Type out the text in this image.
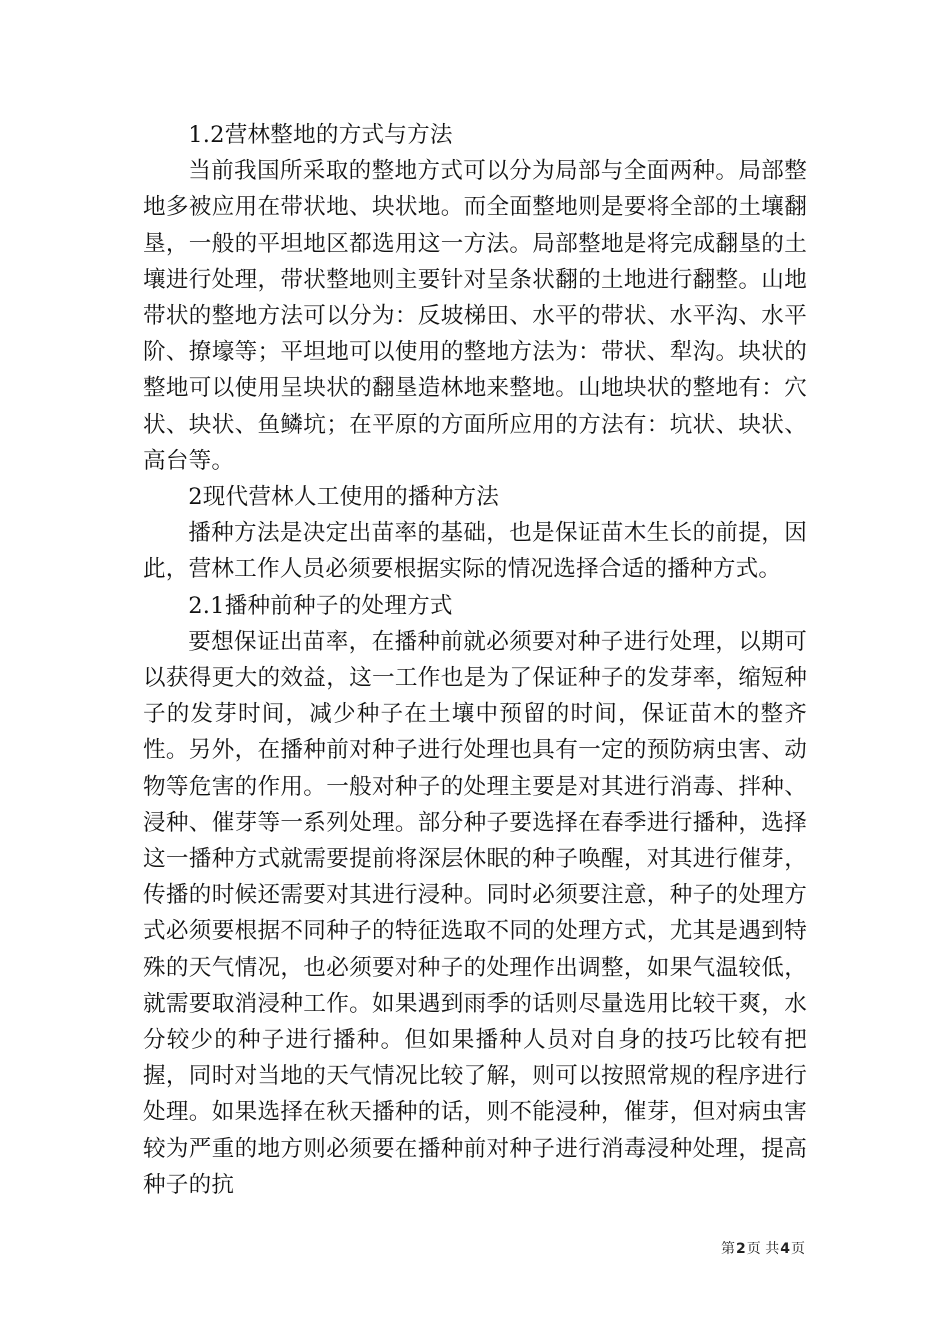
1.2营林整地的方式与方法

当前我国所采取的整地方式可以分为局部与全面两种。局部整地多被应用在带状地、块状地。而全面整地则是要将全部的土壤翻垦，一般的平坦地区都选用这一方法。局部整地是将完成翻垦的土壤进行处理，带状整地则主要针对呈条状翻的土地进行翻整。山地带状的整地方法可以分为：反坡梯田、水平的带状、水平沟、水平阶、撩壕等；平坦地可以使用的整地方法为：带状、犁沟。块状的整地可以使用呈块状的翻垦造林地来整地。山地块状的整地有：穴状、块状、鱼鳞坑；在平原的方面所应用的方法有：坑状、块状、高台等。

2现代营林人工使用的播种方法

播种方法是决定出苗率的基础，也是保证苗木生长的前提，因此，营林工作人员必须要根据实际的情况选择合适的播种方式。

2.1播种前种子的处理方式

要想保证出苗率，在播种前就必须要对种子进行处理，以期可以获得更大的效益，这一工作也是为了保证种子的发芽率，缩短种子的发芽时间，减少种子在土壤中预留的时间，保证苗木的整齐性。另外，在播种前对种子进行处理也具有一定的预防病虫害、动物等危害的作用。一般对种子的处理主要是对其进行消毒、拌种、浸种、催芽等一系列处理。部分种子要选择在春季进行播种，选择这一播种方式就需要提前将深层休眠的种子唤醒，对其进行催芽，传播的时候还需要对其进行浸种。同时必须要注意，种子的处理方式必须要根据不同种子的特征选取不同的处理方式，尤其是遇到特殊的天气情况，也必须要对种子的处理作出调整，如果气温较低，就需要取消浸种工作。如果遇到雨季的话则尽量选用比较干爽，水分较少的种子进行播种。但如果播种人员对自身的技巧比较有把握，同时对当地的天气情况比较了解，则可以按照常规的程序进行处理。如果选择在秋天播种的话，则不能浸种，催芽，但对病虫害较为严重的地方则必须要在播种前对种子进行消毒浸种处理，提高种子的抗

第2页 共4页
